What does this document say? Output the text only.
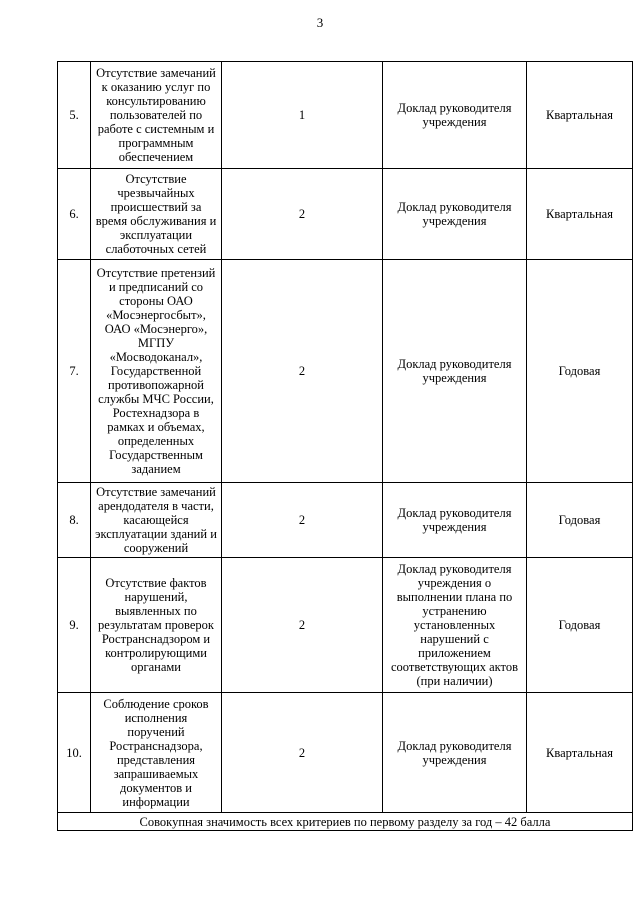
3
5.	Отсутствие замечаний к оказанию услуг по консультированию пользователей по работе с системным и программным обеспечением	1	Доклад руководителя учреждения	Квартальная
6.	Отсутствие чрезвычайных происшествий за время обслуживания и эксплуатации слаботочных сетей	2	Доклад руководителя учреждения	Квартальная
7.	Отсутствие претензий и предписаний со стороны ОАО «Мосэнергосбыт», ОАО «Мосэнерго», МГПУ «Мосводоканал», Государственной противопожарной службы МЧС России, Ростехнадзора в рамках и объемах, определенных Государственным заданием	2	Доклад руководителя учреждения	Годовая
8.	Отсутствие замечаний арендодателя в части, касающейся эксплуатации зданий и сооружений	2	Доклад руководителя учреждения	Годовая
9.	Отсутствие фактов нарушений, выявленных по результатам проверок Ространснадзором и контролирующими органами	2	Доклад руководителя учреждения о выполнении плана по устранению установленных нарушений с приложением соответствующих актов (при наличии)	Годовая
10.	Соблюдение сроков исполнения поручений Ространснадзора, представления запрашиваемых документов и информации	2	Доклад руководителя учреждения	Квартальная
Совокупная значимость всех критериев по первому разделу за год – 42 балла				
